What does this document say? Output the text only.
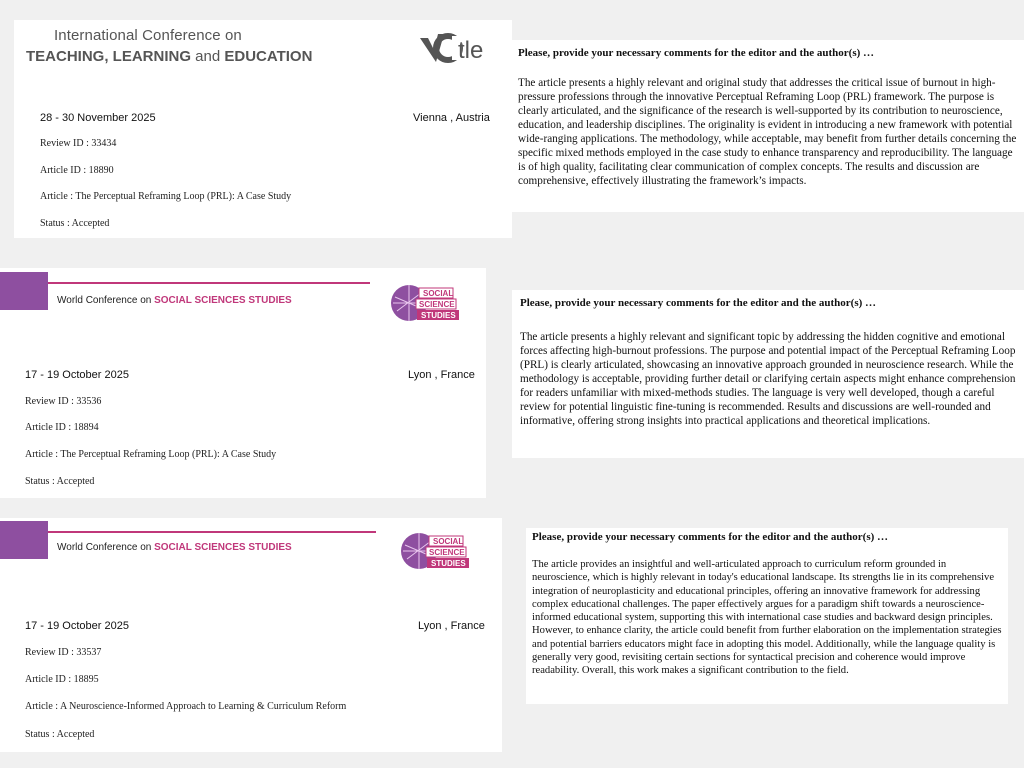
International Conference on
TEACHING, LEARNING and EDUCATION	tle
28 - 30 November 2025	Vienna , Austria
Review ID : 33434
Article ID : 18890
Article : The Perceptual Reframing Loop (PRL): A Case Study
Status : Accepted
Please, provide your necessary comments for the editor and the author(s) …
The article presents a highly relevant and original study that addresses the critical issue of burnout in high-pressure professions through the innovative Perceptual Reframing Loop (PRL) framework. The purpose is clearly articulated, and the significance of the research is well-supported by its contribution to neuroscience, education, and leadership disciplines. The originality is evident in introducing a new framework with potential wide-ranging applications. The methodology, while acceptable, may benefit from further details concerning the specific mixed methods employed in the case study to enhance transparency and reproducibility. The language is of high quality, facilitating clear communication of complex concepts. The results and discussion are comprehensive, effectively illustrating the framework’s impacts.
World Conference on SOCIAL SCIENCES STUDIES
SOCIAL
SCIENCE
STUDIES
17 - 19 October 2025	Lyon , France
Review ID : 33536
Article ID : 18894
Article : The Perceptual Reframing Loop (PRL): A Case Study
Status : Accepted
Please, provide your necessary comments for the editor and the author(s) …
The article presents a highly relevant and significant topic by addressing the hidden cognitive and emotional forces affecting high-burnout professions. The purpose and potential impact of the Perceptual Reframing Loop (PRL) is clearly articulated, showcasing an innovative approach grounded in neuroscience research. While the methodology is acceptable, providing further detail or clarifying certain aspects might enhance comprehension for readers unfamiliar with mixed-methods studies. The language is very well developed, though a careful review for potential linguistic fine-tuning is recommended. Results and discussions are well-rounded and informative, offering strong insights into practical applications and theoretical implications.
World Conference on SOCIAL SCIENCES STUDIES
SOCIAL
SCIENCE
STUDIES
17 - 19 October 2025	Lyon , France
Review ID : 33537
Article ID : 18895
Article : A Neuroscience-Informed Approach to Learning & Curriculum Reform
Status : Accepted
Please, provide your necessary comments for the editor and the author(s) …
The article provides an insightful and well-articulated approach to curriculum reform grounded in neuroscience, which is highly relevant in today's educational landscape. Its strengths lie in its comprehensive integration of neuroplasticity and educational principles, offering an innovative framework for addressing complex educational challenges. The paper effectively argues for a paradigm shift towards a neuroscience-informed educational system, supporting this with international case studies and backward design principles. However, to enhance clarity, the article could benefit from further elaboration on the implementation strategies and potential barriers educators might face in adopting this model. Additionally, while the language quality is generally very good, revisiting certain sections for syntactical precision and coherence would improve readability. Overall, this work makes a significant contribution to the field.
